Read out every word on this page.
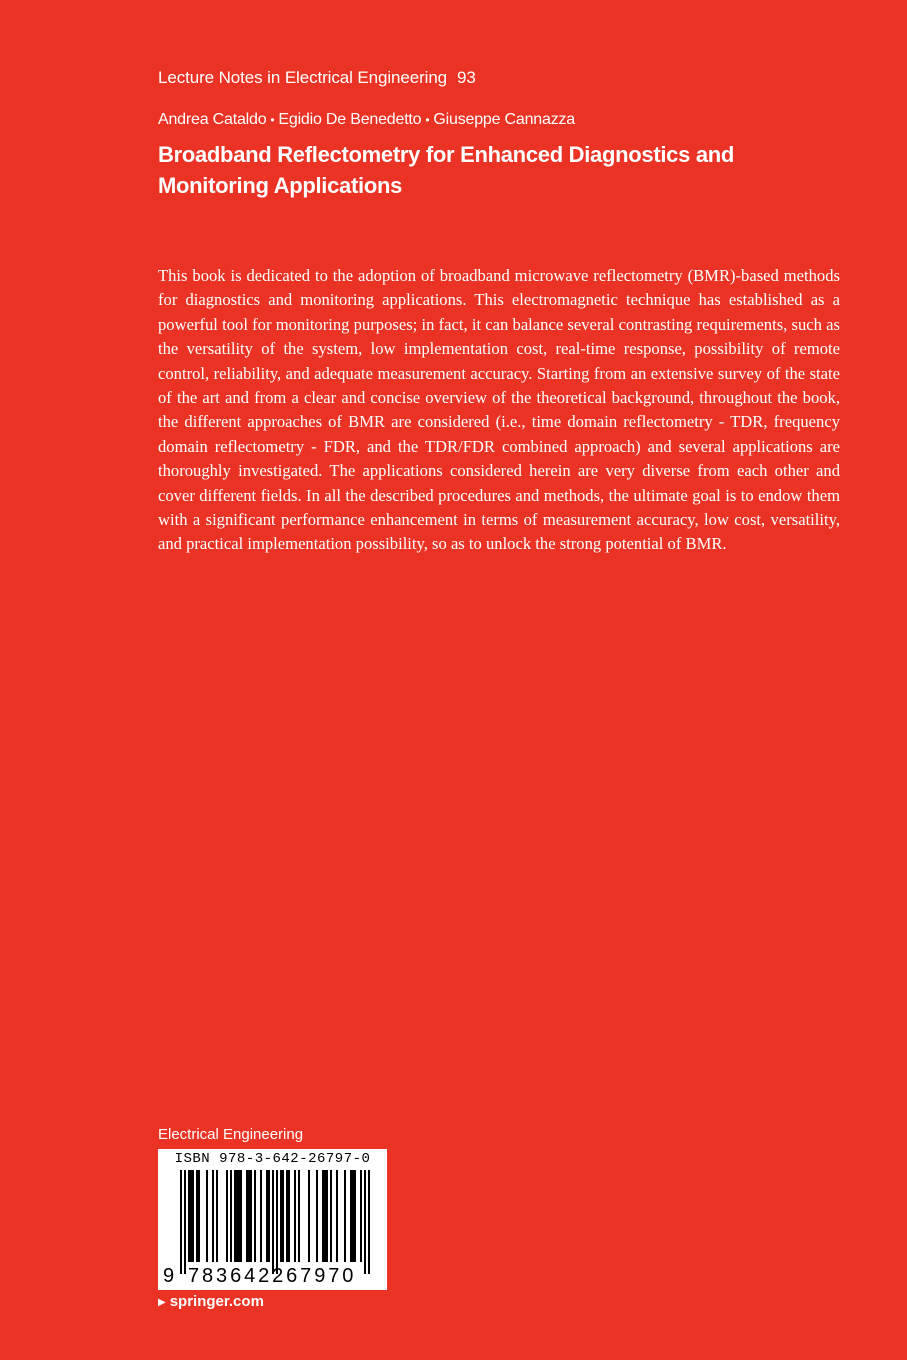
Lecture Notes in Electrical Engineering 93
Andrea Cataldo • Egidio De Benedetto • Giuseppe Cannazza
Broadband Reflectometry for Enhanced Diagnostics and Monitoring Applications

This book is dedicated to the adoption of broadband microwave reflectometry (BMR)-based methods for diagnostics and monitoring applications. This electromagnetic technique has established as a powerful tool for monitoring purposes; in fact, it can balance several contrasting requirements, such as the versatility of the system, low implementation cost, real-time response, possibility of remote control, reliability, and adequate measurement accuracy. Starting from an extensive survey of the state of the art and from a clear and concise overview of the theoretical background, throughout the book, the different approaches of BMR are considered (i.e., time domain reflectometry - TDR, frequency domain reflectometry - FDR, and the TDR/FDR combined approach) and several applications are thoroughly investigated. The applications considered herein are very diverse from each other and cover different fields. In all the described procedures and methods, the ultimate goal is to endow them with a significant performance enhancement in terms of measurement accuracy, low cost, versatility, and practical implementation possibility, so as to unlock the strong potential of BMR.

Electrical Engineering
ISBN 978-3-642-26797-0
9 783642267970
▶ springer.com
